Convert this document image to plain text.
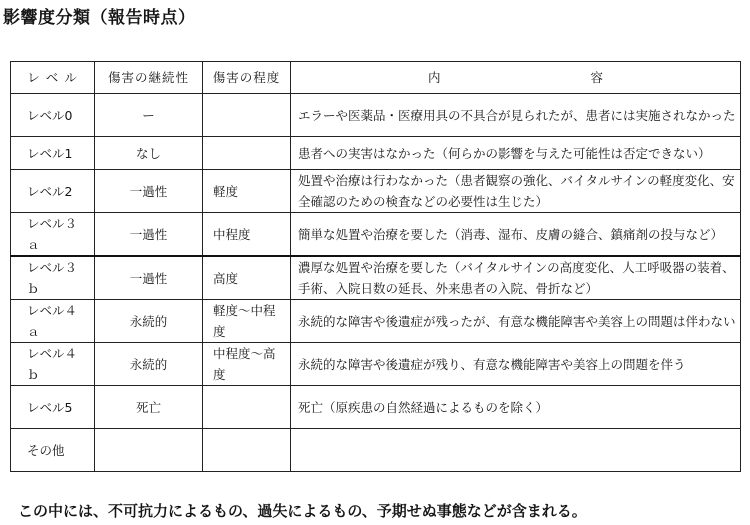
影響度分類（報告時点）
レ ベ ル	傷害の継続性	傷害の程度	内 容
レベル0	ー		エラーや医薬品・医療用具の不具合が見られたが、患者には実施されなかった
レベル1	なし		患者への実害はなかった（何らかの影響を与えた可能性は否定できない）
レベル2	一過性	軽度	処置や治療は行わなかった（患者観察の強化、バイタルサインの軽度変化、安全確認のための検査などの必要性は生じた）
レベル３ａ	一過性	中程度	簡単な処置や治療を要した（消毒、湿布、皮膚の縫合、鎮痛剤の投与など）
レベル３ｂ	一過性	高度	濃厚な処置や治療を要した（バイタルサインの高度変化、人工呼吸器の装着、手術、入院日数の延長、外来患者の入院、骨折など）
レベル４ａ	永続的	軽度～中程度	永続的な障害や後遺症が残ったが、有意な機能障害や美容上の問題は伴わない
レベル４ｂ	永続的	中程度～高度	永続的な障害や後遺症が残り、有意な機能障害や美容上の問題を伴う
レベル5	死亡		死亡（原疾患の自然経過によるものを除く）
その他			
この中には、不可抗力によるもの、過失によるもの、予期せぬ事態などが含まれる。
